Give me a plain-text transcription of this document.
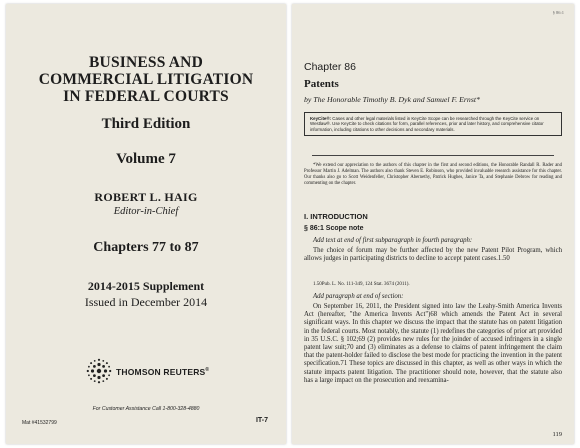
BUSINESS AND
COMMERCIAL LITIGATION
IN FEDERAL COURTS
Third Edition
Volume 7
ROBERT L. HAIG
Editor-in-Chief
Chapters 77 to 87
2014-2015 Supplement
Issued in December 2014
THOMSON REUTERS®
For Customer Assistance Call 1-800-328-4880
Mat #41532799	IT-7
§ 86:1
Chapter 86
Patents
by The Honorable Timothy B. Dyk and Samuel F. Ernst*
KeyCite®: Cases and other legal materials listed in KeyCite Scope can be researched through the KeyCite service on Westlaw®. Use KeyCite to check citations for form, parallel references, prior and later history, and comprehensive citator information, including citations to other decisions and secondary materials.

*We extend our appreciation to the authors of this chapter in the first and second editions, the Honorable Randall R. Rader and Professor Martin J. Adelman. The authors also thank Steven E. Robinson, who provided invaluable research assistance for this chapter. Our thanks also go to Scott Weidenfeller, Christopher Abernethy, Patrick Hughes, Janice Ta, and Stephanie Debrow for reading and commenting on the chapter.

I. INTRODUCTION
§ 86:1 Scope note
Add text at end of first subparagraph in fourth paragraph:

The choice of forum may be further affected by the new Patent Pilot Program, which allows judges in participating districts to decline to accept patent cases.1.50

1.50Pub. L. No. 111-349, 124 Stat. 3674 (2011).

Add paragraph at end of section:

On September 16, 2011, the President signed into law the Leahy-Smith America Invents Act (hereafter, "the America Invents Act")68 which amends the Patent Act in several significant ways. In this chapter we discuss the impact that the statute has on patent litigation in the federal courts. Most notably, the statute (1) redefines the categories of prior art provided in 35 U.S.C. § 102;69 (2) provides new rules for the joinder of accused infringers in a single patent law suit;70 and (3) eliminates as a defense to claims of patent infringement the claim that the patent-holder failed to disclose the best mode for practicing the invention in the patent specification.71 These topics are discussed in this chapter, as well as other ways in which the statute impacts patent litigation. The practitioner should note, however, that the statute also has a large impact on the prosecution and reexamina-

119
